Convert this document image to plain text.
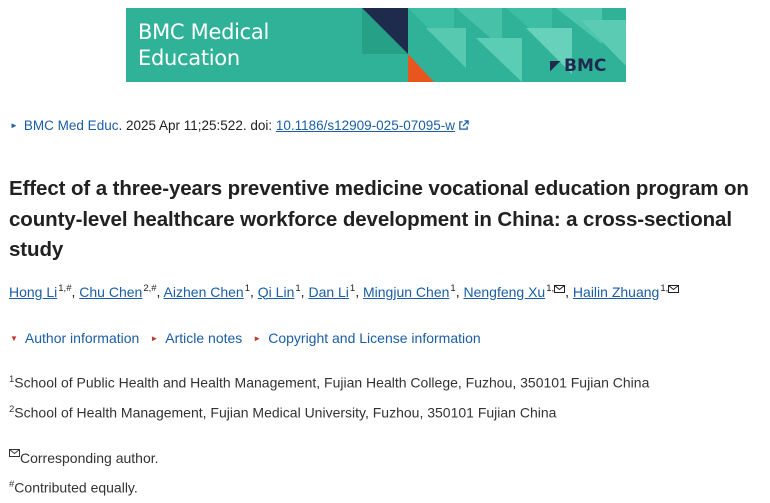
BMC Medical
Education	BMC
► BMC Med Educ . 2025 Apr 11;25:522. doi: 10.1186/s12909-025-07095-w
Effect of a three-years preventive medicine vocational education program on county-level healthcare workforce development in China: a cross-sectional study
Hong $Li^{1,\#}$, Chu Chen$^{2,\#}$, Aizhen Chen$^1$, Qi Lin$^1$, Dan Li$^1$, Mingjun Chen$^1$, Nengfeng $Xu^{1,}$ , Hailin Zhuang$^{1,}$
▼ Author information ► Article notes ► Copyright and License information
$^1$School of Public Health and Health Management, Fujian Health College, Fuzhou, 350101 Fujian China
$^2$School of Health Management, Fujian Medical University, Fuzhou, 350101 Fujian China
Corresponding author.
#Contributed equally.
